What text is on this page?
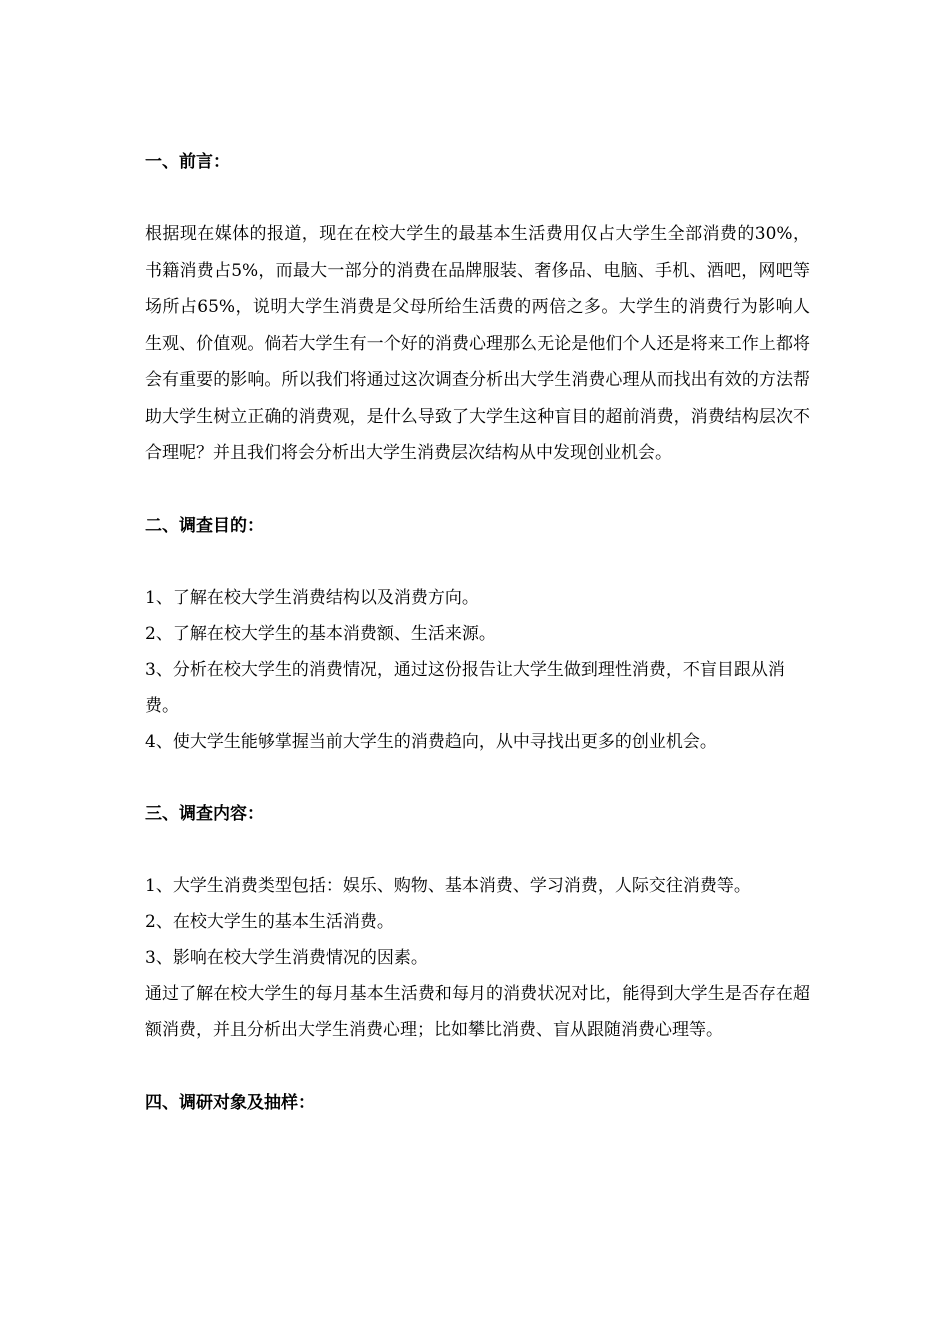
一、前言：

根据现在媒体的报道，现在在校大学生的最基本生活费用仅占大学生全部消费的30%，书籍消费占5%，而最大一部分的消费在品牌服装、奢侈品、电脑、手机、酒吧，网吧等场所占65%，说明大学生消费是父母所给生活费的两倍之多。大学生的消费行为影响人生观、价值观。倘若大学生有一个好的消费心理那么无论是他们个人还是将来工作上都将会有重要的影响。所以我们将通过这次调查分析出大学生消费心理从而找出有效的方法帮助大学生树立正确的消费观，是什么导致了大学生这种盲目的超前消费，消费结构层次不合理呢？并且我们将会分析出大学生消费层次结构从中发现创业机会。

二、调查目的：

1、了解在校大学生消费结构以及消费方向。

2、了解在校大学生的基本消费额、生活来源。

3、分析在校大学生的消费情况，通过这份报告让大学生做到理性消费，不盲目跟从消费。

4、使大学生能够掌握当前大学生的消费趋向，从中寻找出更多的创业机会。

三、调查内容：

1、大学生消费类型包括：娱乐、购物、基本消费、学习消费，人际交往消费等。

2、在校大学生的基本生活消费。

3、影响在校大学生消费情况的因素。

通过了解在校大学生的每月基本生活费和每月的消费状况对比，能得到大学生是否存在超额消费，并且分析出大学生消费心理；比如攀比消费、盲从跟随消费心理等。

四、调研对象及抽样：
